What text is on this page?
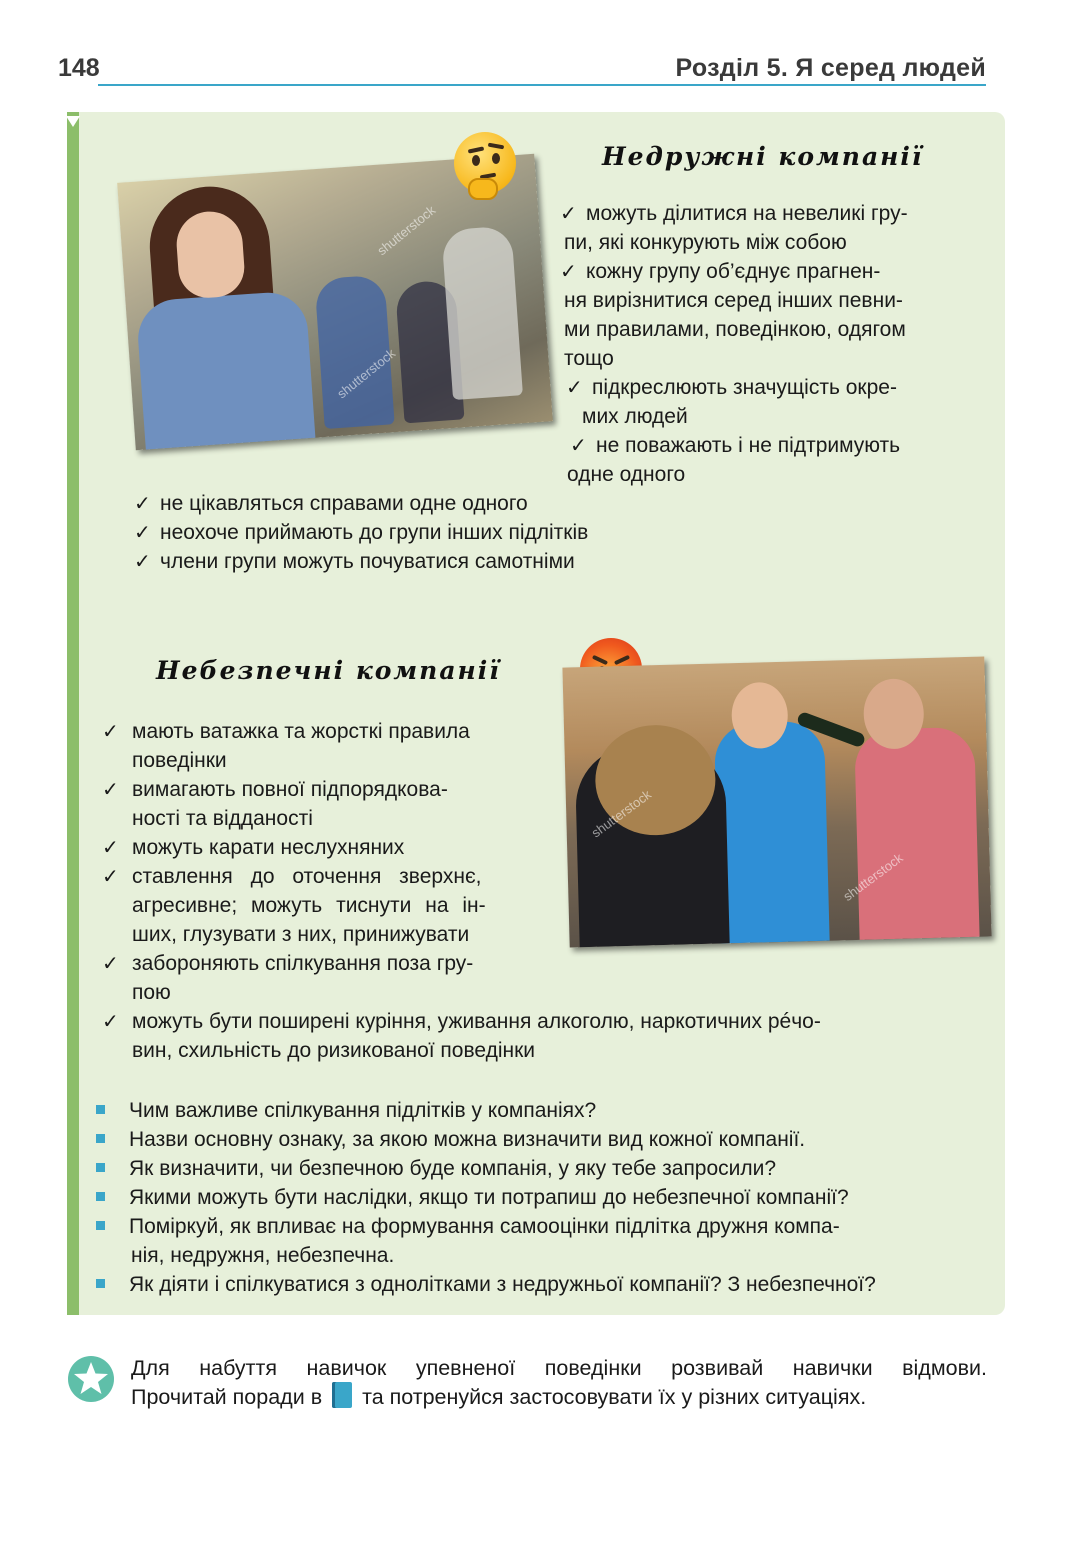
148	Розділ 5. Я серед людей
shutterstock
shutterstock
Недружні компанії
✓ можуть ділитися на невеликі гру-
пи, які конкурують між собою
✓ кожну групу об’єднує прагнен-
ня вирізнитися серед інших певни-
ми правилами, поведінкою, одягом
тощо
✓ підкреслюють значущість окре-
мих людей
✓ не поважають і не підтримують
одне одного
✓ не цікавляться справами одне одного
✓ неохоче приймають до групи інших підлітків
✓ члени групи можуть почуватися самотніми
Небезпечні компанії
shutterstock
shutterstock
✓ мають ватажка та жорсткі правила
поведінки
✓ вимагають повної підпорядкова-
ності та відданості
✓ можуть карати неслухняних
✓ ставлення до оточення зверхнє,
агресивне; можуть тиснути на ін-
ших, глузувати з них, принижувати
✓ забороняють спілкування поза гру-
пою
✓ можуть бути поширені куріння, уживання алкоголю, наркотичних рéчо-
вин, схильність до ризикованої поведінки
Чим важливе спілкування підлітків у компаніях?
Назви основну ознаку, за якою можна визначити вид кожної компанії.
Як визначити, чи безпечною буде компанія, у яку тебе запросили?
Якими можуть бути наслідки, якщо ти потрапиш до небезпечної компанії?
Поміркуй, як впливає на формування самооцінки підлітка дружня компа-
нія, недружня, небезпечна.
Як діяти і спілкуватися з однолітками з недружньої компанії? З небезпечної?
Для набуття навичок упевненої поведінки розвивай навички відмови.
Прочитай поради в та потренуйся застосовувати їх у різних ситуаціях.
